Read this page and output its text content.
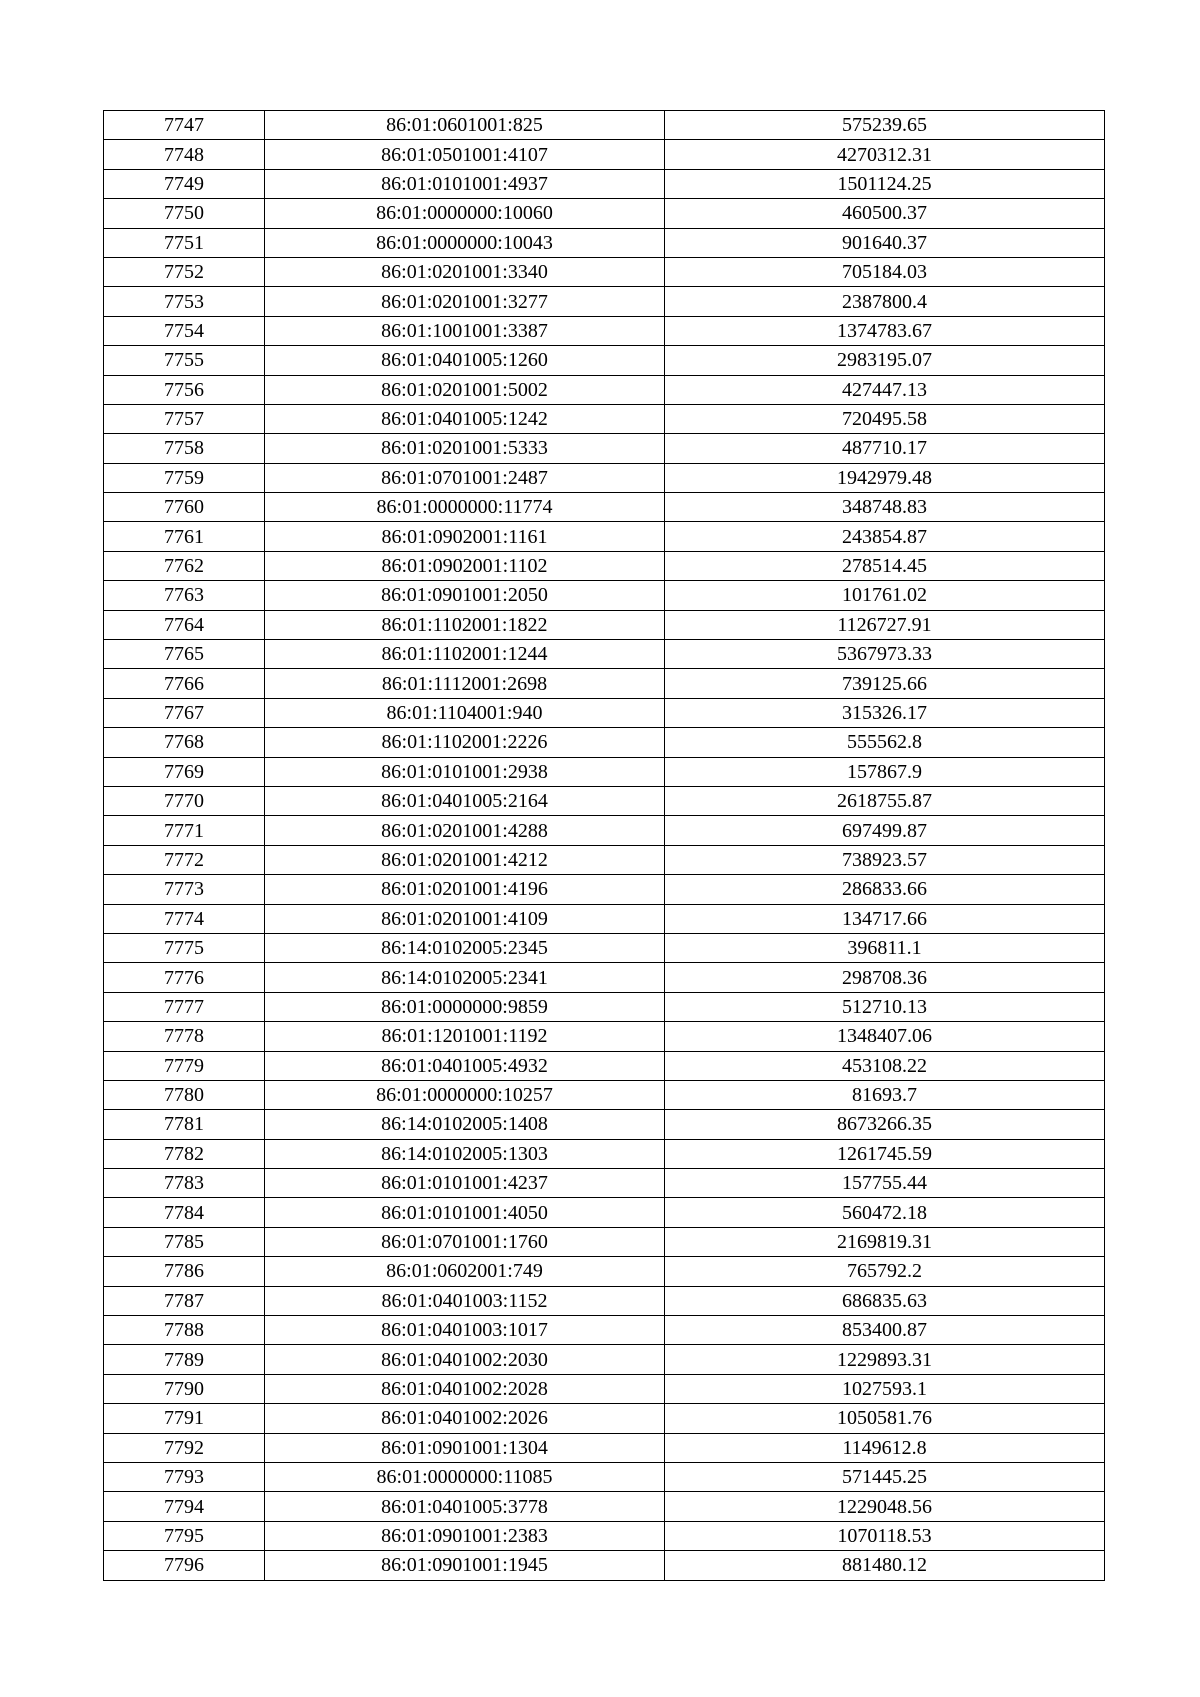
7747	86:01:0601001:825	575239.65
7748	86:01:0501001:4107	4270312.31
7749	86:01:0101001:4937	1501124.25
7750	86:01:0000000:10060	460500.37
7751	86:01:0000000:10043	901640.37
7752	86:01:0201001:3340	705184.03
7753	86:01:0201001:3277	2387800.4
7754	86:01:1001001:3387	1374783.67
7755	86:01:0401005:1260	2983195.07
7756	86:01:0201001:5002	427447.13
7757	86:01:0401005:1242	720495.58
7758	86:01:0201001:5333	487710.17
7759	86:01:0701001:2487	1942979.48
7760	86:01:0000000:11774	348748.83
7761	86:01:0902001:1161	243854.87
7762	86:01:0902001:1102	278514.45
7763	86:01:0901001:2050	101761.02
7764	86:01:1102001:1822	1126727.91
7765	86:01:1102001:1244	5367973.33
7766	86:01:1112001:2698	739125.66
7767	86:01:1104001:940	315326.17
7768	86:01:1102001:2226	555562.8
7769	86:01:0101001:2938	157867.9
7770	86:01:0401005:2164	2618755.87
7771	86:01:0201001:4288	697499.87
7772	86:01:0201001:4212	738923.57
7773	86:01:0201001:4196	286833.66
7774	86:01:0201001:4109	134717.66
7775	86:14:0102005:2345	396811.1
7776	86:14:0102005:2341	298708.36
7777	86:01:0000000:9859	512710.13
7778	86:01:1201001:1192	1348407.06
7779	86:01:0401005:4932	453108.22
7780	86:01:0000000:10257	81693.7
7781	86:14:0102005:1408	8673266.35
7782	86:14:0102005:1303	1261745.59
7783	86:01:0101001:4237	157755.44
7784	86:01:0101001:4050	560472.18
7785	86:01:0701001:1760	2169819.31
7786	86:01:0602001:749	765792.2
7787	86:01:0401003:1152	686835.63
7788	86:01:0401003:1017	853400.87
7789	86:01:0401002:2030	1229893.31
7790	86:01:0401002:2028	1027593.1
7791	86:01:0401002:2026	1050581.76
7792	86:01:0901001:1304	1149612.8
7793	86:01:0000000:11085	571445.25
7794	86:01:0401005:3778	1229048.56
7795	86:01:0901001:2383	1070118.53
7796	86:01:0901001:1945	881480.12
